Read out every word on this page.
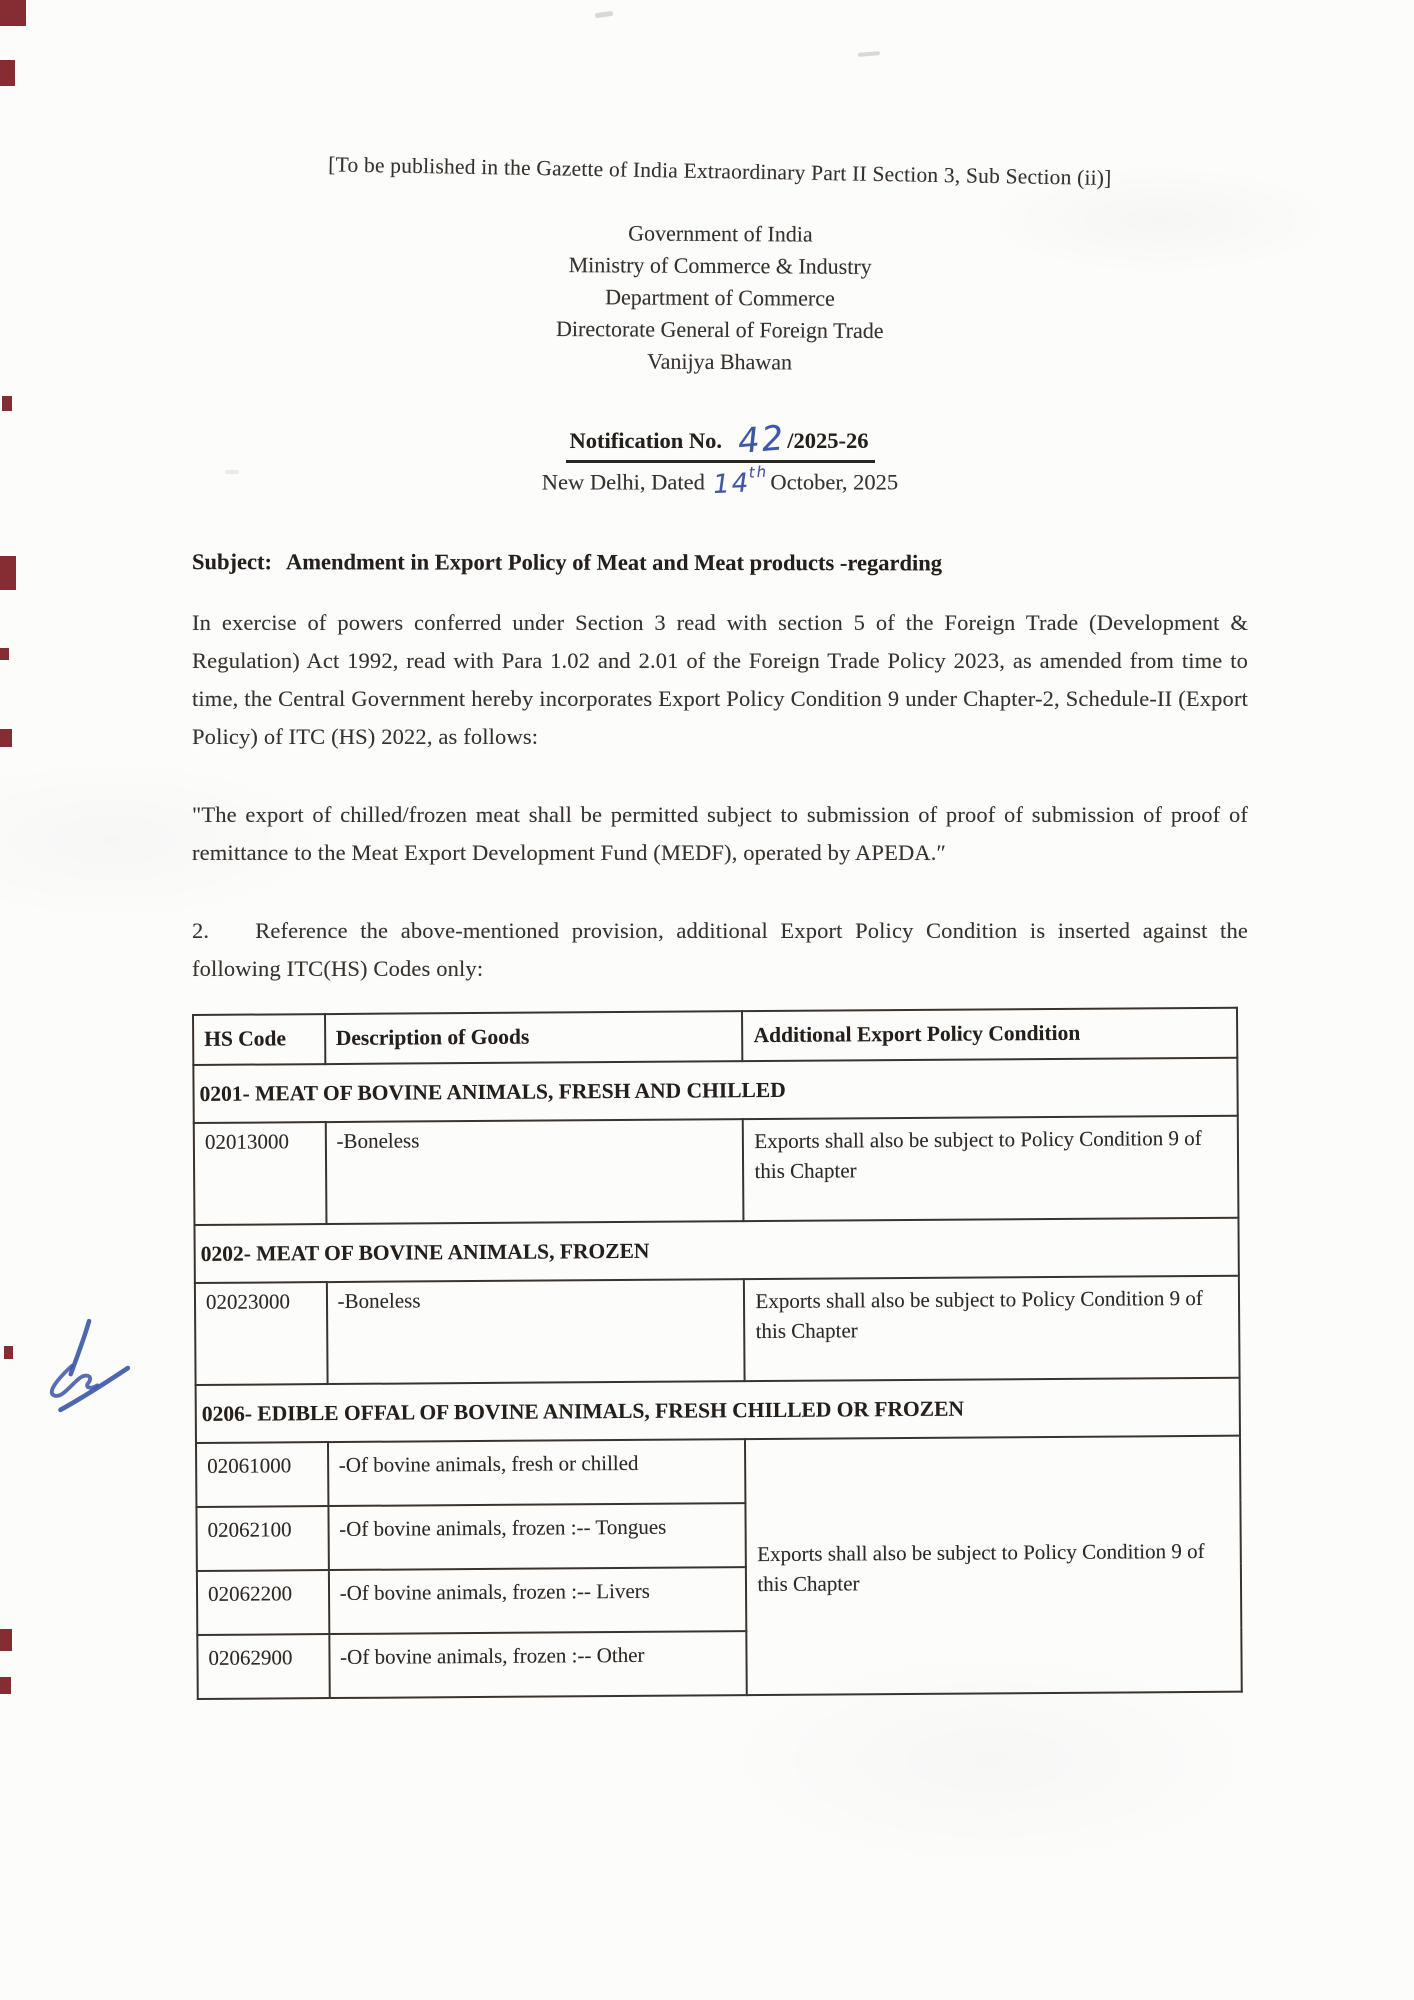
[To be published in the Gazette of India Extraordinary Part II Section 3, Sub Section (ii)]

Government of India

Ministry of Commerce & Industry

Department of Commerce

Directorate General of Foreign Trade

Vanijya Bhawan

Notification No. 42/2025-26

New Delhi, Dated 14thOctober, 2025

Subject: Amendment in Export Policy of Meat and Meat products -regarding

In exercise of powers conferred under Section 3 read with section 5 of the Foreign Trade (Development & Regulation) Act 1992, read with Para 1.02 and 2.01 of the Foreign Trade Policy 2023, as amended from time to time, the Central Government hereby incorporates Export Policy Condition 9 under Chapter-2, Schedule-II (Export Policy) of ITC (HS) 2022, as follows:

"The export of chilled/frozen meat shall be permitted subject to submission of proof of submission of proof of remittance to the Meat Export Development Fund (MEDF), operated by APEDA.″

2. Reference the above-mentioned provision, additional Export Policy Condition is inserted against the following ITC(HS) Codes only:

HS Code	Description of Goods	Additional Export Policy Condition
0201- MEAT OF BOVINE ANIMALS, FRESH AND CHILLED		
02013000	-Boneless	Exports shall also be subject to Policy Condition 9 of this Chapter
0202- MEAT OF BOVINE ANIMALS, FROZEN		
02023000	-Boneless	Exports shall also be subject to Policy Condition 9 of this Chapter
0206- EDIBLE OFFAL OF BOVINE ANIMALS, FRESH CHILLED OR FROZEN		
02061000	-Of bovine animals, fresh or chilled	Exports shall also be subject to Policy Condition 9 of this Chapter
02062100	-Of bovine animals, frozen :-- Tongues	
02062200	-Of bovine animals, frozen :-- Livers	
02062900	-Of bovine animals, frozen :-- Other	
